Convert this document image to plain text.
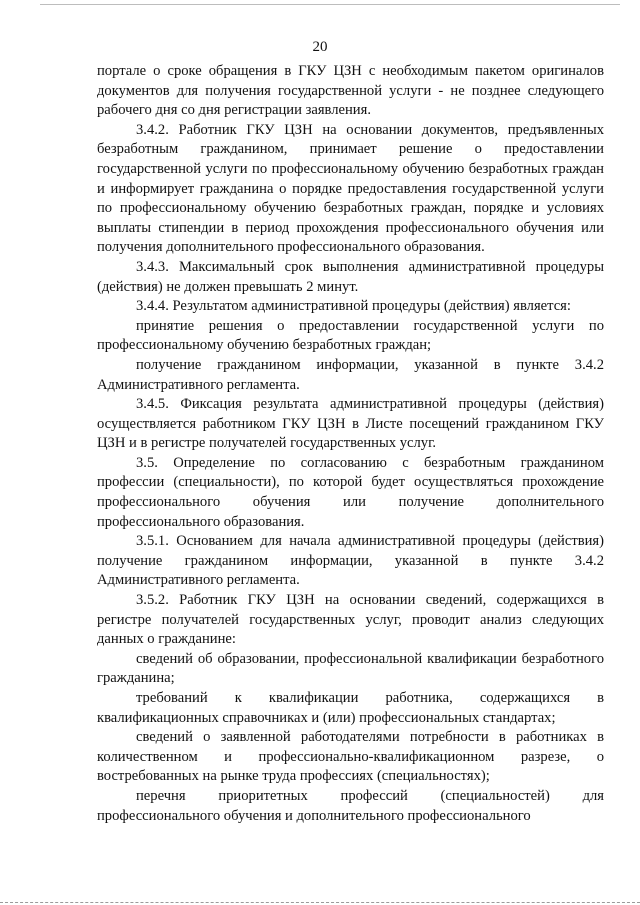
20

портале о сроке обращения в ГКУ ЦЗН с необходимым пакетом оригиналов документов для получения государственной услуги - не позднее следующего рабочего дня со дня регистрации заявления.

3.4.2. Работник ГКУ ЦЗН на основании документов, предъявленных безработным гражданином, принимает решение о предоставлении государственной услуги по профессиональному обучению безработных граждан и информирует гражданина о порядке предоставления государственной услуги по профессиональному обучению безработных граждан, порядке и условиях выплаты стипендии в период прохождения профессионального обучения или получения дополнительного профессионального образования.

3.4.3. Максимальный срок выполнения административной процедуры (действия) не должен превышать 2 минут.

3.4.4. Результатом административной процедуры (действия) является:

принятие решения о предоставлении государственной услуги по профессиональному обучению безработных граждан;

получение гражданином информации, указанной в пункте 3.4.2 Административного регламента.

3.4.5. Фиксация результата административной процедуры (действия) осуществляется работником ГКУ ЦЗН в Листе посещений гражданином ГКУ ЦЗН и в регистре получателей государственных услуг.

3.5. Определение по согласованию с безработным гражданином профессии (специальности), по которой будет осуществляться прохождение профессионального обучения или получение дополнительного профессионального образования.

3.5.1. Основанием для начала административной процедуры (действия) получение гражданином информации, указанной в пункте 3.4.2 Административного регламента.

3.5.2. Работник ГКУ ЦЗН на основании сведений, содержащихся в регистре получателей государственных услуг, проводит анализ следующих данных о гражданине:

сведений об образовании, профессиональной квалификации безработного гражданина;

требований к квалификации работника, содержащихся в квалификационных справочниках и (или) профессиональных стандартах;

сведений о заявленной работодателями потребности в работниках в количественном и профессионально-квалификационном разрезе, о востребованных на рынке труда профессиях (специальностях);

перечня приоритетных профессий (специальностей) для профессионального обучения и дополнительного профессионального
